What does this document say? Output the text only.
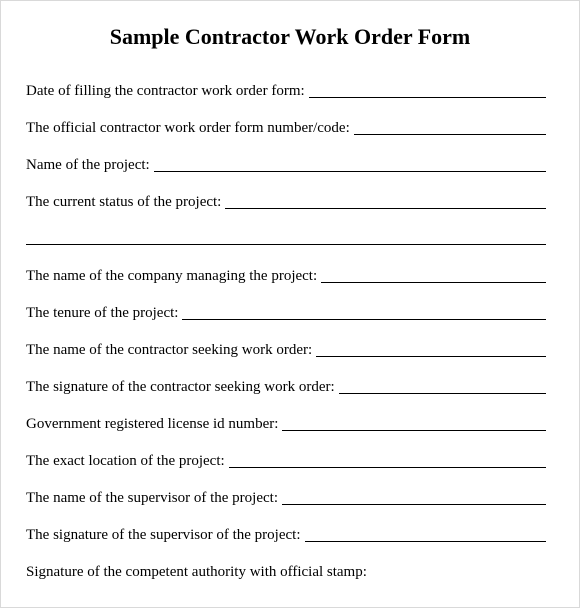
Sample Contractor Work Order Form
Date of filling the contractor work order form:
The official contractor work order form number/code:
Name of the project:
The current status of the project:
The name of the company managing the project:
The tenure of the project:
The name of the contractor seeking work order:
The signature of the contractor seeking work order:
Government registered license id number:
The exact location of the project:
The name of the supervisor of the project:
The signature of the supervisor of the project:
Signature of the competent authority with official stamp:
